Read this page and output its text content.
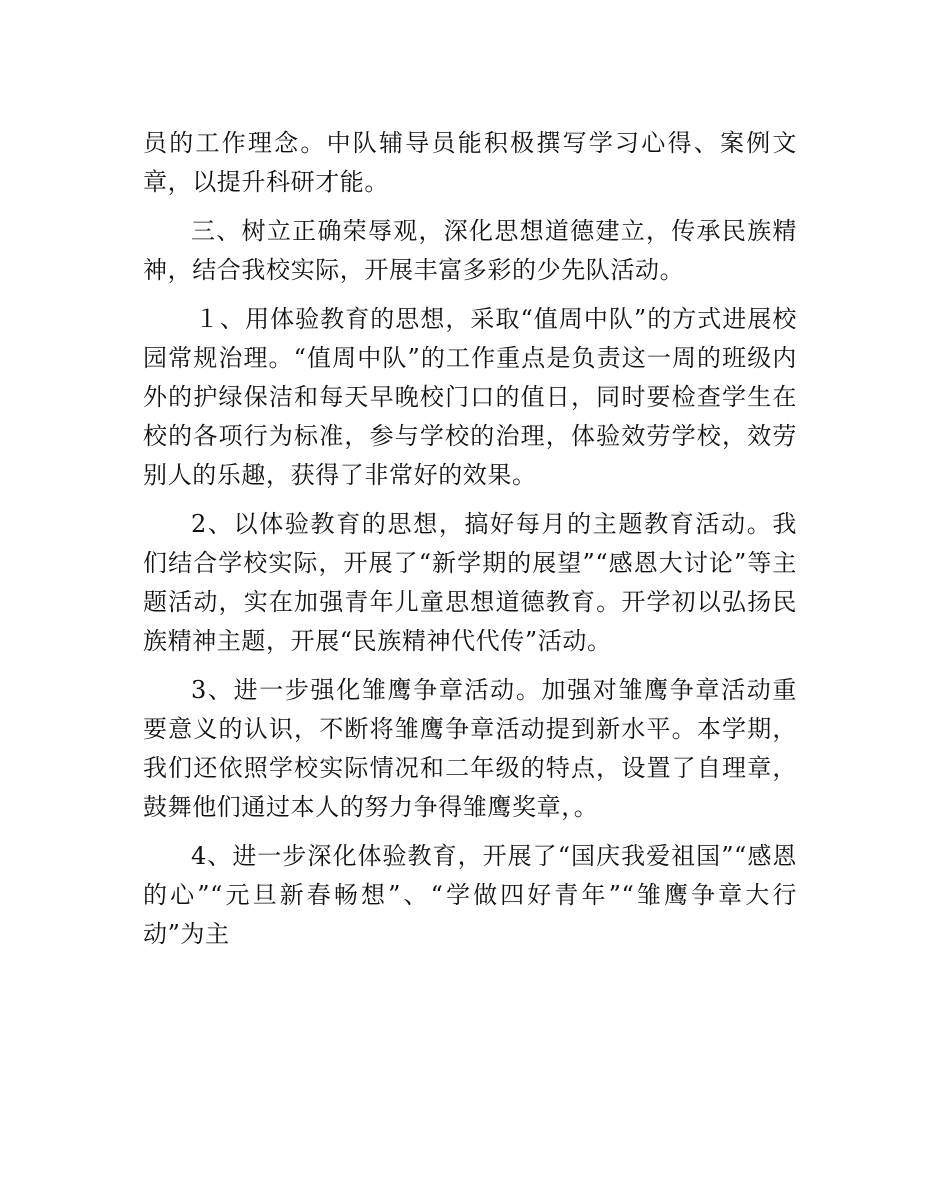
员的工作理念。中队辅导员能积极撰写学习心得、案例文章，以提升科研才能。

三、树立正确荣辱观，深化思想道德建立，传承民族精神，结合我校实际，开展丰富多彩的少先队活动。

１、用体验教育的思想，采取“值周中队”的方式进展校园常规治理。“值周中队”的工作重点是负责这一周的班级内外的护绿保洁和每天早晚校门口的值日，同时要检查学生在校的各项行为标准，参与学校的治理，体验效劳学校，效劳别人的乐趣，获得了非常好的效果。

2、以体验教育的思想，搞好每月的主题教育活动。我们结合学校实际，开展了“新学期的展望”“感恩大讨论”等主题活动，实在加强青年儿童思想道德教育。开学初以弘扬民族精神主题，开展“民族精神代代传”活动。

3、进一步强化雏鹰争章活动。加强对雏鹰争章活动重要意义的认识，不断将雏鹰争章活动提到新水平。本学期，我们还依照学校实际情况和二年级的特点，设置了自理章，鼓舞他们通过本人的努力争得雏鹰奖章，。

4、进一步深化体验教育，开展了“国庆我爱祖国”“感恩的心”“元旦新春畅想”、“学做四好青年”“雏鹰争章大行动”为主
